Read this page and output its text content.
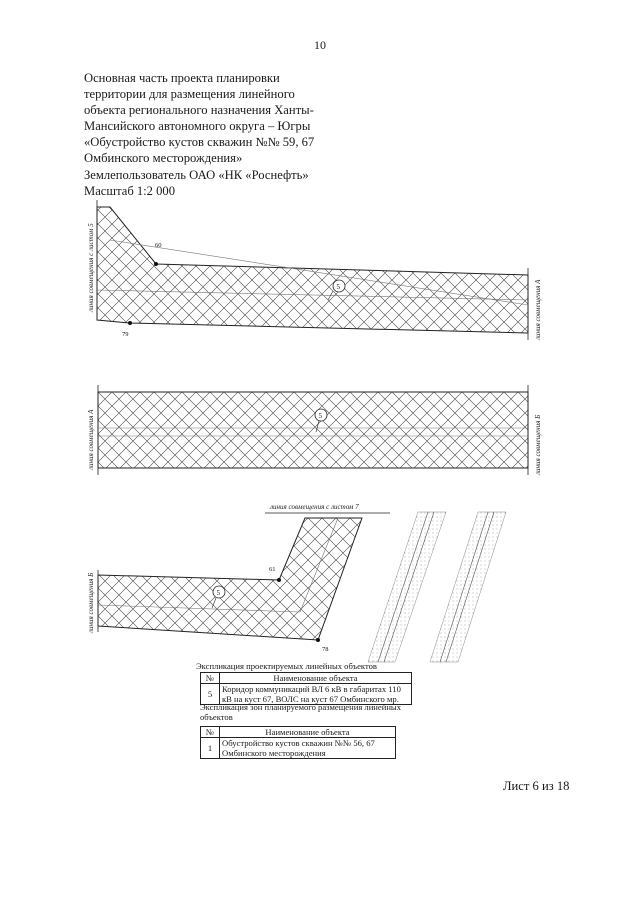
10
Основная часть проекта планировки
территории для размещения линейного
объекта регионального назначения Ханты-
Мансийского автономного округа – Югры
«Обустройство кустов скважин №№ 59, 67
Омбинского месторождения»
Землепользователь ОАО «НК «Роснефть»
Масштаб 1:2 000
60
79
61
78
5
5
5
линия совмещения с листом 5	линия совмещения А
линия совмещения А	линия совмещения Б
линия совмещения Б
линия совмещения с листом 7
Экспликация проектируемых линейных объектов
№	Наименование объекта
5	Коридор коммуникаций ВЛ 6 кВ в габаритах 110
кВ на куст 67, ВОЛС на куст 67 Омбинского мр.
Экспликация зон планируемого размещения линейных
объектов
№	Наименование объекта
1	Обустройство кустов скважин №№ 56, 67
Омбинского месторождения
Лист 6 из 18
